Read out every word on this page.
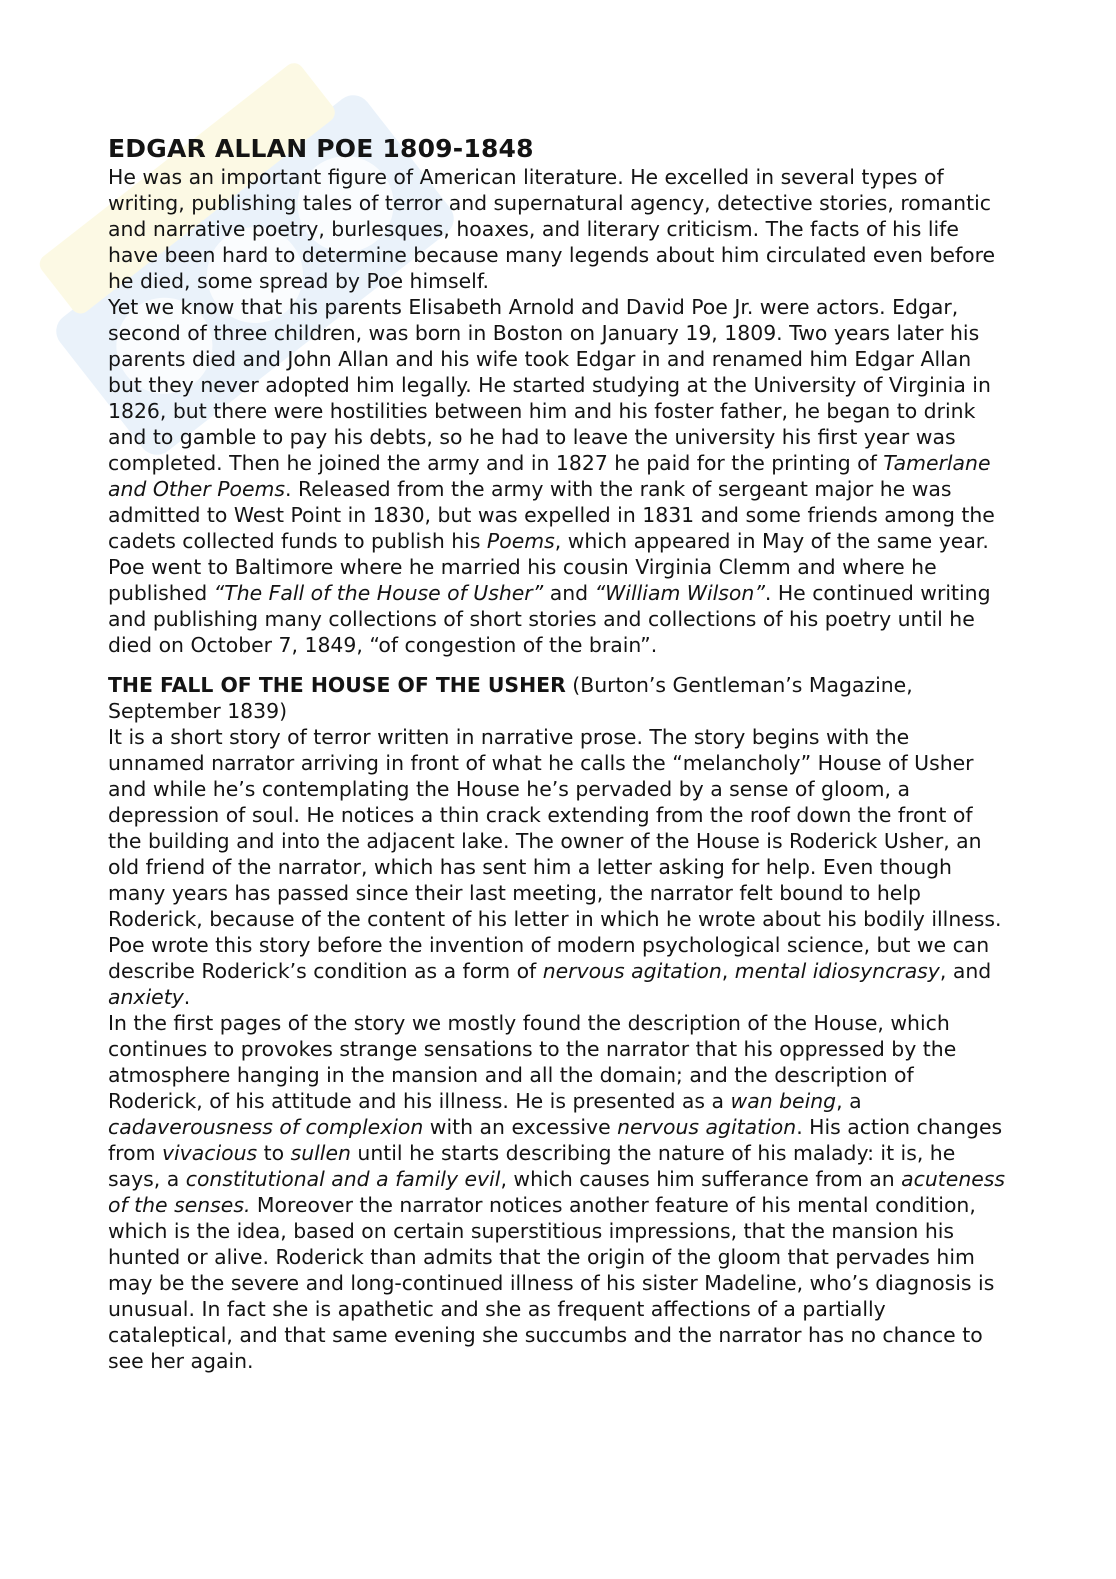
EDGAR ALLAN POE 1809-1848

He was an important figure of American literature. He excelled in several types of writing, publishing tales of terror and supernatural agency, detective stories, romantic and narrative poetry, burlesques, hoaxes, and literary criticism. The facts of his life have been hard to determine because many legends about him circulated even before he died, some spread by Poe himself.

Yet we know that his parents Elisabeth Arnold and David Poe Jr. were actors. Edgar, second of three children, was born in Boston on January 19, 1809. Two years later his parents died and John Allan and his wife took Edgar in and renamed him Edgar Allan but they never adopted him legally. He started studying at the University of Virginia in 1826, but there were hostilities between him and his foster father, he began to drink and to gamble to pay his debts, so he had to leave the university his first year was completed. Then he joined the army and in 1827 he paid for the printing of Tamerlane and Other Poems. Released from the army with the rank of sergeant major he was admitted to West Point in 1830, but was expelled in 1831 and some friends among the cadets collected funds to publish his Poems, which appeared in May of the same year. Poe went to Baltimore where he married his cousin Virginia Clemm and where he published “The Fall of the House of Usher” and “William Wilson”. He continued writing and publishing many collections of short stories and collections of his poetry until he died on October 7, 1849, “of congestion of the brain”.

THE FALL OF THE HOUSE OF THE USHER (Burton’s Gentleman’s Magazine, September 1839)

It is a short story of terror written in narrative prose. The story begins with the unnamed narrator arriving in front of what he calls the “melancholy” House of Usher and while he’s contemplating the House he’s pervaded by a sense of gloom, a depression of soul. He notices a thin crack extending from the roof down the front of the building and into the adjacent lake. The owner of the House is Roderick Usher, an old friend of the narrator, which has sent him a letter asking for help. Even though many years has passed since their last meeting, the narrator felt bound to help Roderick, because of the content of his letter in which he wrote about his bodily illness. Poe wrote this story before the invention of modern psychological science, but we can describe Roderick’s condition as a form of nervous agitation, mental idiosyncrasy, and anxiety.

In the first pages of the story we mostly found the description of the House, which continues to provokes strange sensations to the narrator that his oppressed by the atmosphere hanging in the mansion and all the domain; and the description of Roderick, of his attitude and his illness. He is presented as a wan being, a cadaverousness of complexion with an excessive nervous agitation. His action changes from vivacious to sullen until he starts describing the nature of his malady: it is, he says, a constitutional and a family evil, which causes him sufferance from an acuteness of the senses. Moreover the narrator notices another feature of his mental condition, which is the idea, based on certain superstitious impressions, that the mansion his hunted or alive. Roderick than admits that the origin of the gloom that pervades him may be the severe and long-continued illness of his sister Madeline, who’s diagnosis is unusual. In fact she is apathetic and she as frequent affections of a partially cataleptical, and that same evening she succumbs and the narrator has no chance to see her again.
